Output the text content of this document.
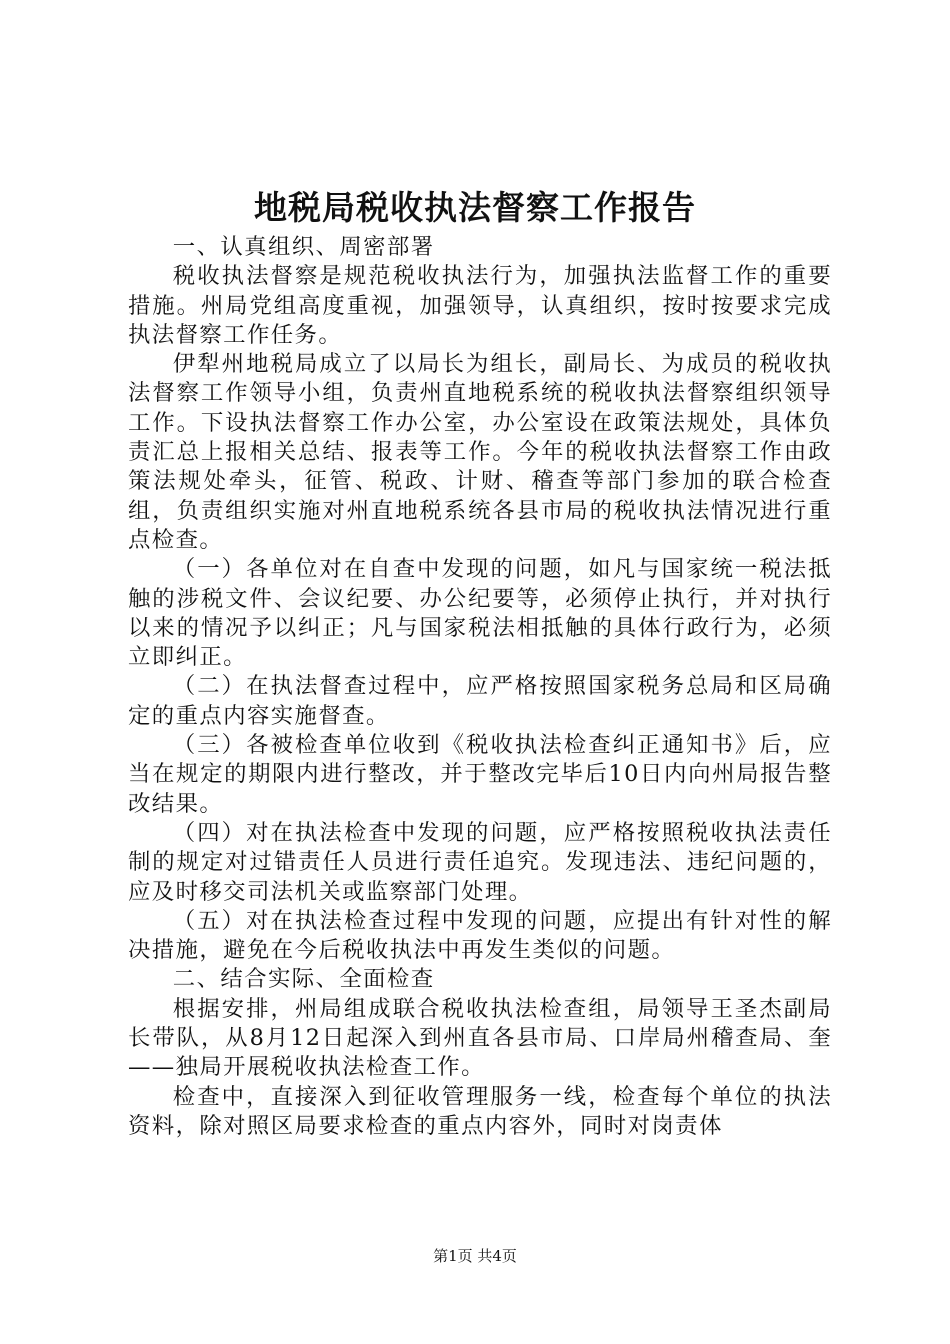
地税局税收执法督察工作报告

一、认真组织、周密部署

税收执法督察是规范税收执法行为，加强执法监督工作的重要措施。州局党组高度重视，加强领导，认真组织，按时按要求完成执法督察工作任务。

伊犁州地税局成立了以局长为组长，副局长、为成员的税收执法督察工作领导小组，负责州直地税系统的税收执法督察组织领导工作。下设执法督察工作办公室，办公室设在政策法规处，具体负责汇总上报相关总结、报表等工作。今年的税收执法督察工作由政策法规处牵头，征管、税政、计财、稽查等部门参加的联合检查组，负责组织实施对州直地税系统各县市局的税收执法情况进行重点检查。

（一）各单位对在自查中发现的问题，如凡与国家统一税法抵触的涉税文件、会议纪要、办公纪要等，必须停止执行，并对执行以来的情况予以纠正；凡与国家税法相抵触的具体行政行为，必须立即纠正。

（二）在执法督查过程中，应严格按照国家税务总局和区局确定的重点内容实施督查。

（三）各被检查单位收到《税收执法检查纠正通知书》后，应当在规定的期限内进行整改，并于整改完毕后10日内向州局报告整改结果。

（四）对在执法检查中发现的问题，应严格按照税收执法责任制的规定对过错责任人员进行责任追究。发现违法、违纪问题的，应及时移交司法机关或监察部门处理。

（五）对在执法检查过程中发现的问题，应提出有针对性的解决措施，避免在今后税收执法中再发生类似的问题。

二、结合实际、全面检查

根据安排，州局组成联合税收执法检查组，局领导王圣杰副局长带队，从8月12日起深入到州直各县市局、口岸局州稽查局、奎——独局开展税收执法检查工作。

检查中，直接深入到征收管理服务一线，检查每个单位的执法资料，除对照区局要求检查的重点内容外，同时对岗责体

第1页 共4页
